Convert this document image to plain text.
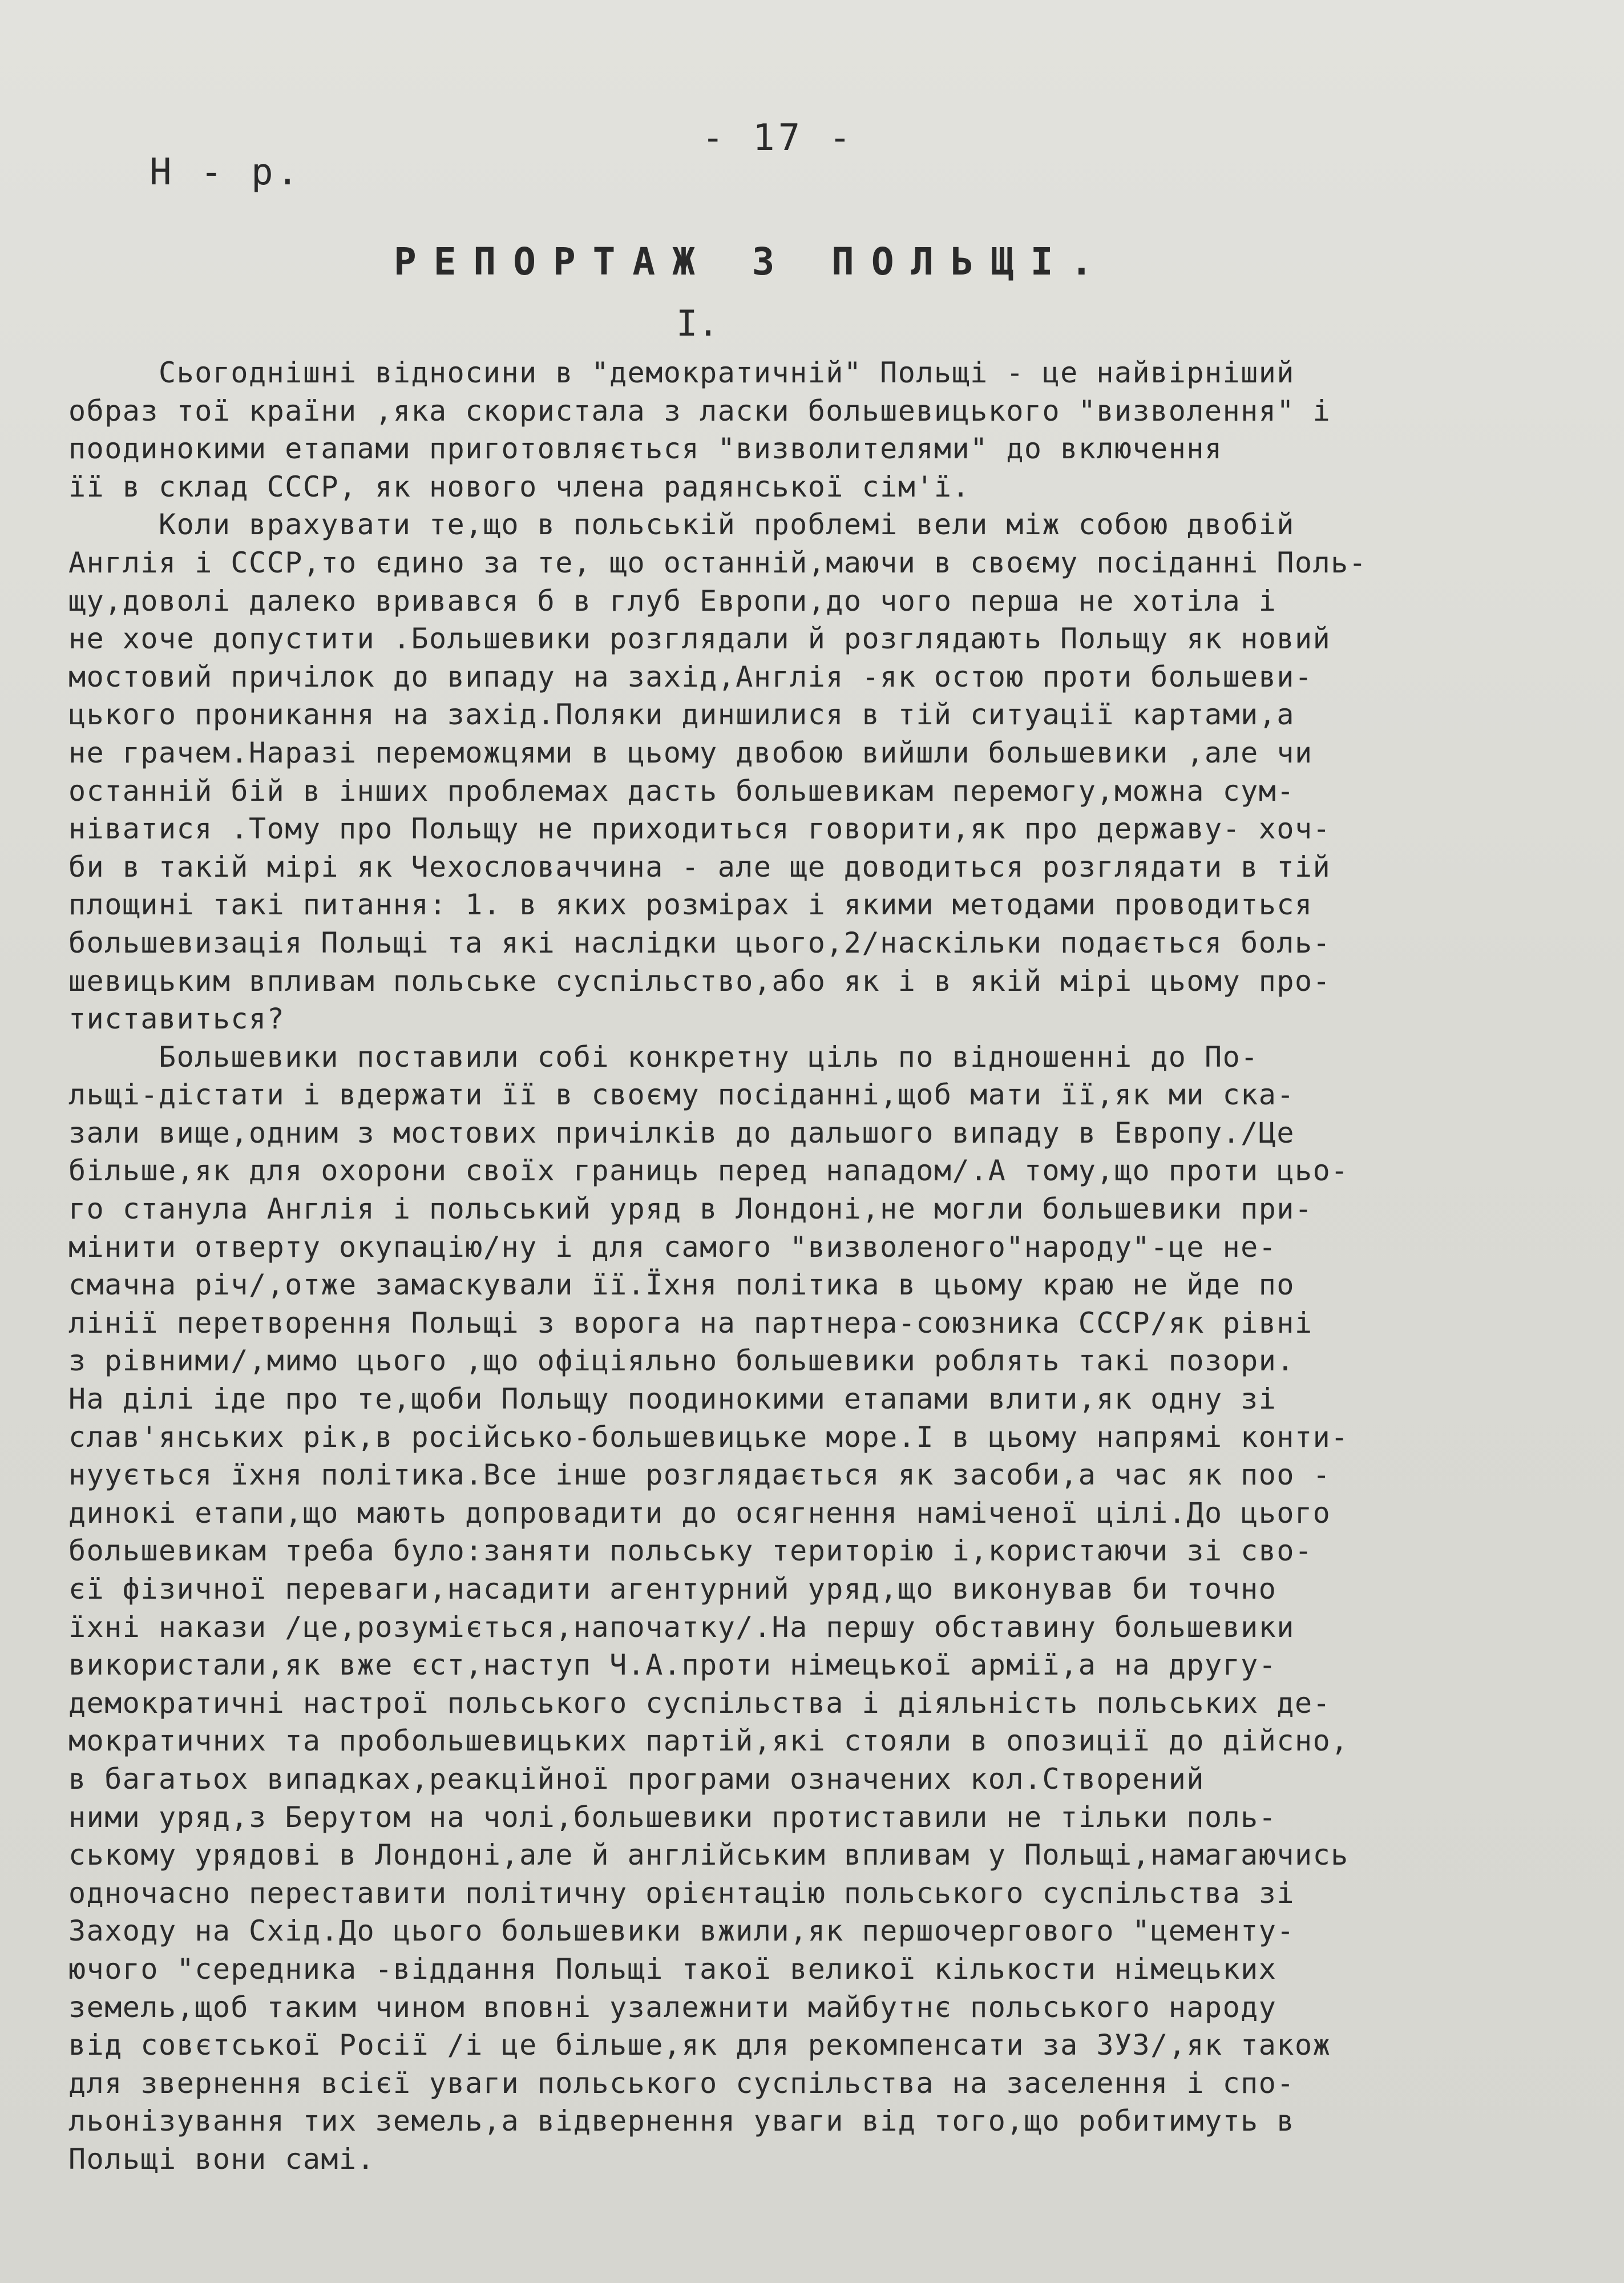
- 17 -
Н - р.
РЕПОРТАЖ З ПОЛЬЩІ.
І.
Сьогоднішні відносини в "демократичній" Польщі - це найвірніший
образ тої країни ,яка скористала з ласки большевицького "визволення" і
поодинокими етапами приготовляється "визволителями" до включення
її в склад СССР, як нового члена радянської сім'ї.
Коли врахувати те,що в польській проблемі вели між собою двобій
Англія і СССР,то єдино за те, що останній,маючи в своєму посіданні Поль-
щу,доволі далеко вривався б в глуб Европи,до чого перша не хотіла і
не хоче допустити .Большевики розглядали й розглядають Польщу як новий
мостовий причілок до випаду на захід,Англія -як остою проти большеви-
цького проникання на захід.Поляки диншилися в тій ситуації картами,а
не грачем.Наразі переможцями в цьому двобою вийшли большевики ,але чи
останній бій в інших проблемах дасть большевикам перемогу,можна сум-
ніватися .Тому про Польщу не приходиться говорити,як про державу- хоч-
би в такій мірі як Чехословаччина - але ще доводиться розглядати в тій
площині такі питання: 1. в яких розмірах і якими методами проводиться
большевизація Польщі та які наслідки цього,2/наскільки подається боль-
шевицьким впливам польське суспільство,або як і в якій мірі цьому про-
тиставиться?
Большевики поставили собі конкретну ціль по відношенні до По-
льщі-дістати і вдержати її в своєму посіданні,щоб мати її,як ми ска-
зали вище,одним з мостових причілків до дальшого випаду в Европу./Це
більше,як для охорони своїх границь перед нападом/.А тому,що проти цьо-
го станула Англія і польський уряд в Лондоні,не могли большевики при-
мінити отверту окупацію/ну і для самого "визволеного"народу"-це не-
смачна річ/,отже замаскували її.Їхня політика в цьому краю не йде по
лінії перетворення Польщі з ворога на партнера-союзника СССР/як рівні
з рівними/,мимо цього ,що офіціяльно большевики роблять такі позори.
На ділі іде про те,щоби Польщу поодинокими етапами влити,як одну зі
слав'янських рік,в російсько-большевицьке море.І в цьому напрямі конти-
нуується їхня політика.Все інше розглядається як засоби,а час як поо -
динокі етапи,що мають допровадити до осягнення наміченої цілі.До цього
большевикам треба було:заняти польську територію і,користаючи зі сво-
єї фізичної переваги,насадити агентурний уряд,що виконував би точно
їхні накази /це,розуміється,напочатку/.На першу обставину большевики
використали,як вже єст,наступ Ч.А.проти німецької армії,а на другу-
демократичні настрої польського суспільства і діяльність польських де-
мократичних та пробольшевицьких партій,які стояли в опозиції до дійсно,
в багатьох випадках,реакційної програми означених кол.Створений
ними уряд,з Берутом на чолі,большевики протиставили не тільки поль-
ському урядові в Лондоні,але й англійським впливам у Польщі,намагаючись
одночасно переставити політичну орієнтацію польського суспільства зі
Заходу на Схід.До цього большевики вжили,як першочергового "цементу-
ючого "середника -віддання Польщі такої великої кількости німецьких
земель,щоб таким чином вповні узалежнити майбутнє польського народу
від совєтської Росії /і це більше,як для рекомпенсати за ЗУЗ/,як також
для звернення всієї уваги польського суспільства на заселення і спо-
льонізування тих земель,а відвернення уваги від того,що робитимуть в
Польщі вони самі.
